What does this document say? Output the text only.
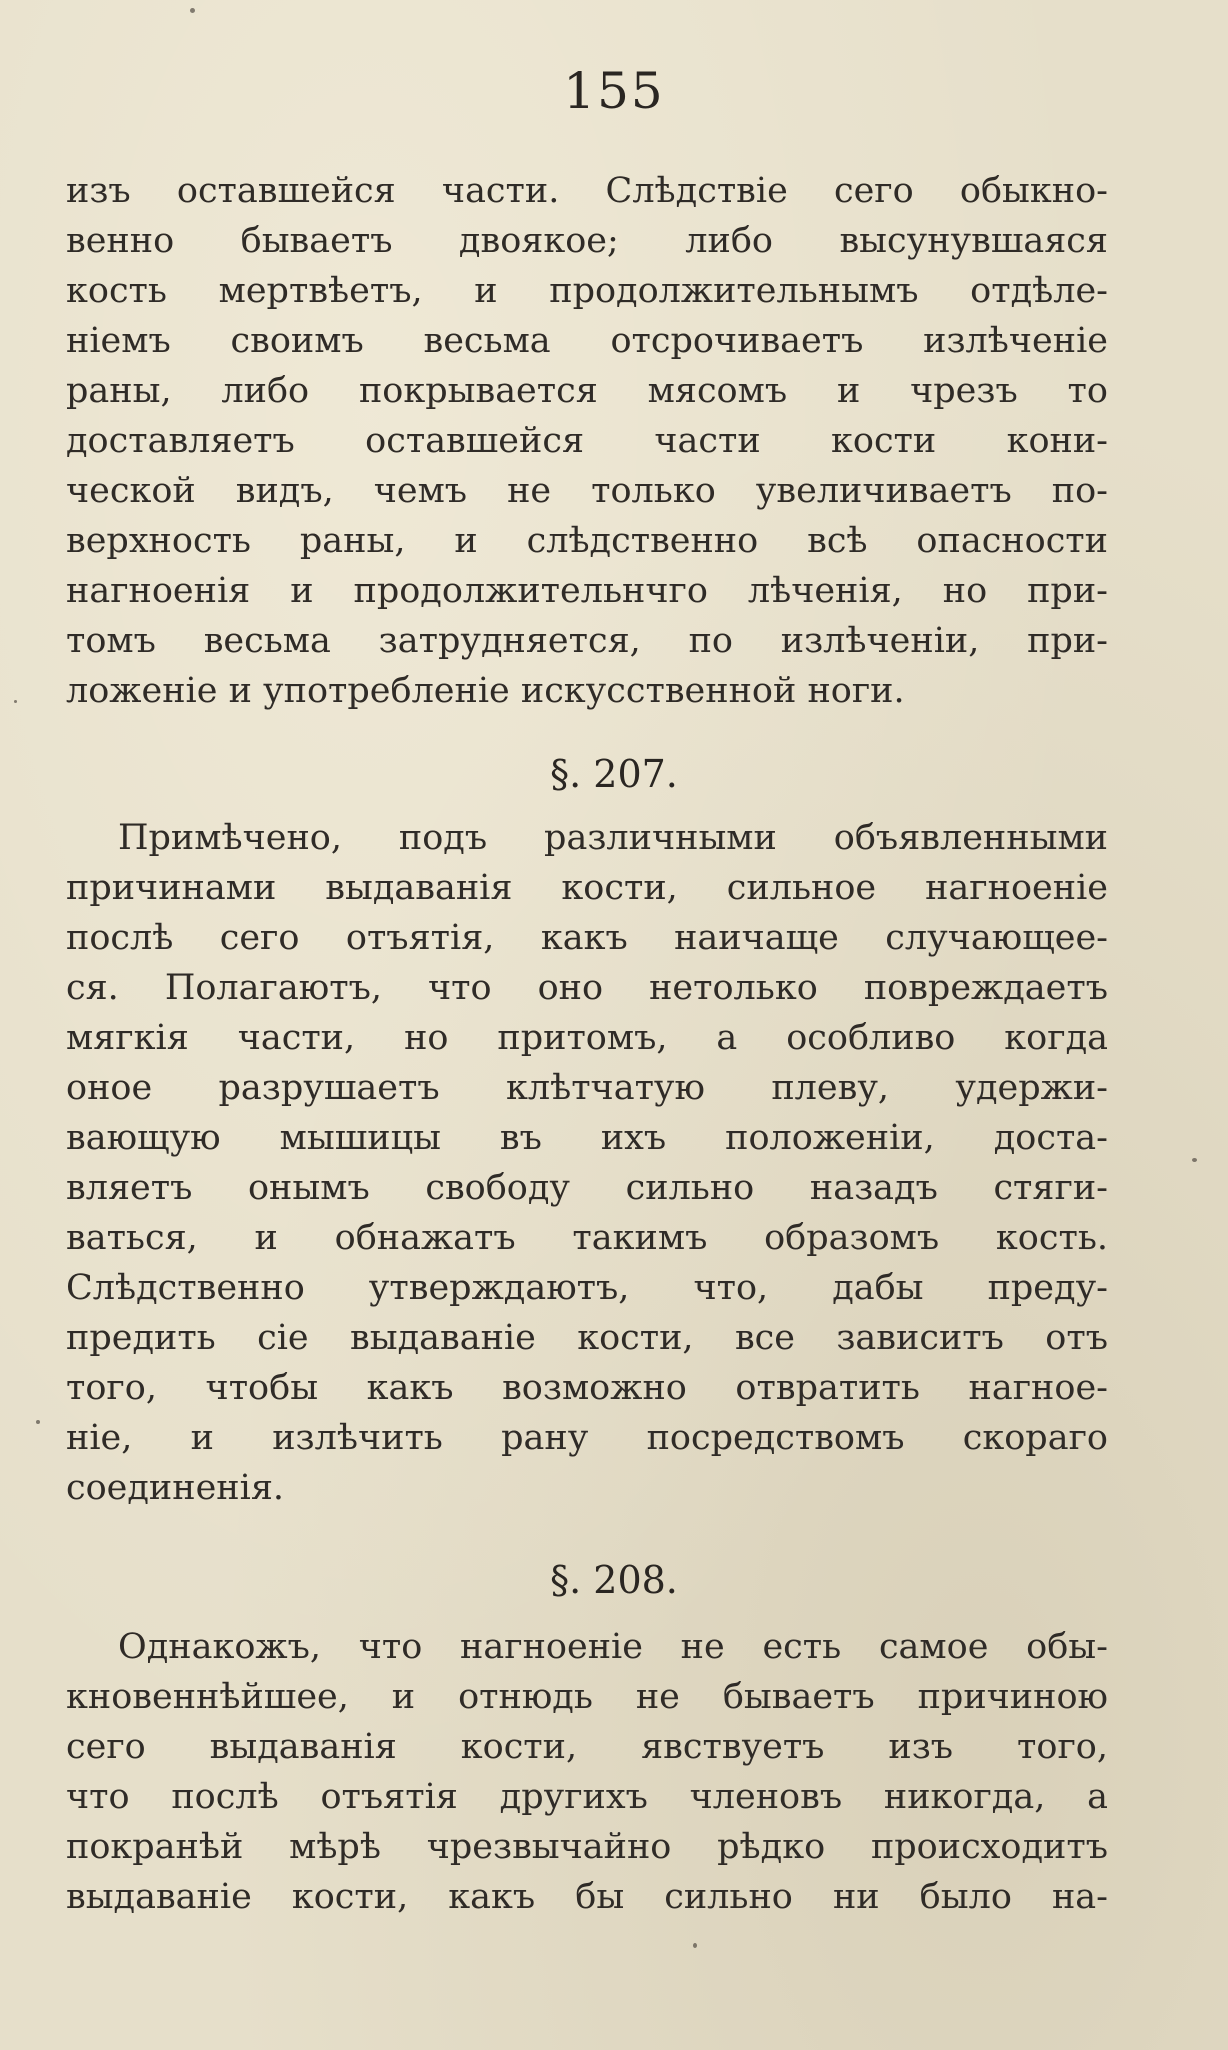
155
изъ оставшейся части. Слѣдствіе сего обыкно-
венно бываетъ двоякое; либо высунувшаяся
кость мертвѣетъ, и продолжительнымъ отдѣле-
ніемъ своимъ весьма отсрочиваетъ излѣченіе
раны, либо покрывается мясомъ и чрезъ то
доставляетъ оставшейся части кости кони-
ческой видъ, чемъ не только увеличиваетъ по-
верхность раны, и слѣдственно всѣ опасности
нагноенія и продолжительнчго лѣченія, но при-
томъ весьма затрудняется, по излѣченіи, при-
ложеніе и употребленіе искусственной ноги.
§. 207.
Примѣчено, подъ различными объявленными
причинами выдаванія кости, сильное нагноеніе
послѣ сего отъятія, какъ наичаще случающее-
ся. Полагаютъ, что оно нетолько повреждаетъ
мягкія части, но притомъ, а особливо когда
оное разрушаетъ клѣтчатую плеву, удержи-
вающую мышицы въ ихъ положеніи, доста-
вляетъ онымъ свободу сильно назадъ стяги-
ваться, и обнажатъ такимъ образомъ кость.
Слѣдственно утверждаютъ, что, дабы преду-
предить сіе выдаваніе кости, все зависитъ отъ
того, чтобы какъ возможно отвратить нагное-
ніе, и излѣчить рану посредствомъ скораго
соединенія.
§. 208.
Однакожъ, что нагноеніе не есть самое обы-
кновеннѣйшее, и отнюдь не бываетъ причиною
сего выдаванія кости, явствуетъ изъ того,
что послѣ отъятія другихъ членовъ никогда, а
покранѣй мѣрѣ чрезвычайно рѣдко происходитъ
выдаваніе кости, какъ бы сильно ни было на-
